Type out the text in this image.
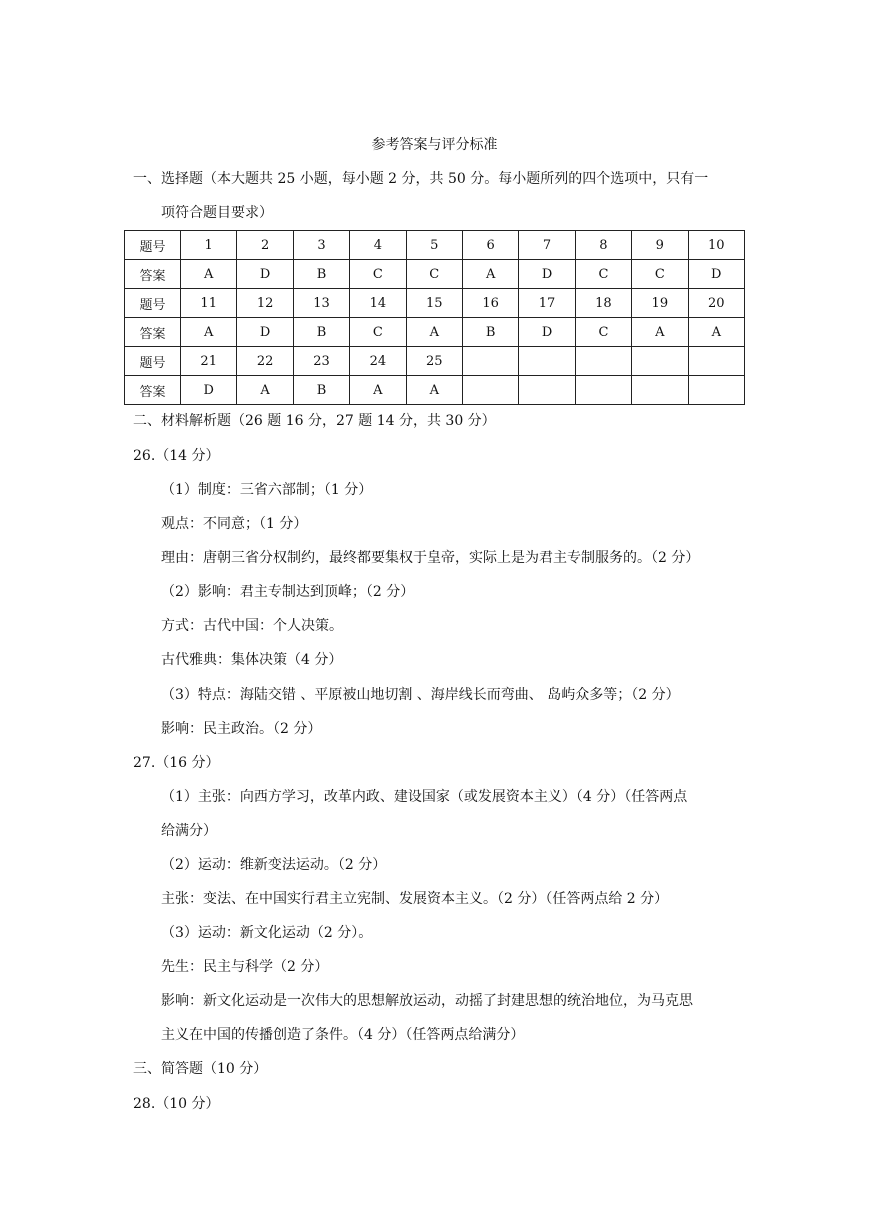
参考答案与评分标准
一、选择题（本大题共 25 小题，每小题 2 分，共 50 分。每小题所列的四个选项中，只有一
项符合题目要求）
题号	1	2	3	4	5	6	7	8	9	10
答案	A	D	B	C	C	A	D	C	C	D
题号	11	12	13	14	15	16	17	18	19	20
答案	A	D	B	C	A	B	D	C	A	A
题号	21	22	23	24	25					
答案	D	A	B	A	A					
二、材料解析题（26 题 16 分，27 题 14 分，共 30 分）
26.（14 分）
（1）制度：三省六部制；（1 分）
观点：不同意；（1 分）
理由：唐朝三省分权制约，最终都要集权于皇帝，实际上是为君主专制服务的。（2 分）
（2）影响：君主专制达到顶峰；（2 分）
方式：古代中国：个人决策。
古代雅典：集体决策（4 分）
（3）特点：海陆交错 、平原被山地切割 、海岸线长而弯曲、 岛屿众多等；（2 分）
影响：民主政治。（2 分）
27.（16 分）
（1）主张：向西方学习，改革内政、建设国家（或发展资本主义）（4 分）（任答两点
给满分）
（2）运动：维新变法运动。（2 分）
主张：变法、在中国实行君主立宪制、发展资本主义。（2 分）（任答两点给 2 分）
（3）运动：新文化运动（2 分）。
先生：民主与科学（2 分）
影响：新文化运动是一次伟大的思想解放运动，动摇了封建思想的统治地位，为马克思
主义在中国的传播创造了条件。（4 分）（任答两点给满分）
三、简答题（10 分）
28.（10 分）
